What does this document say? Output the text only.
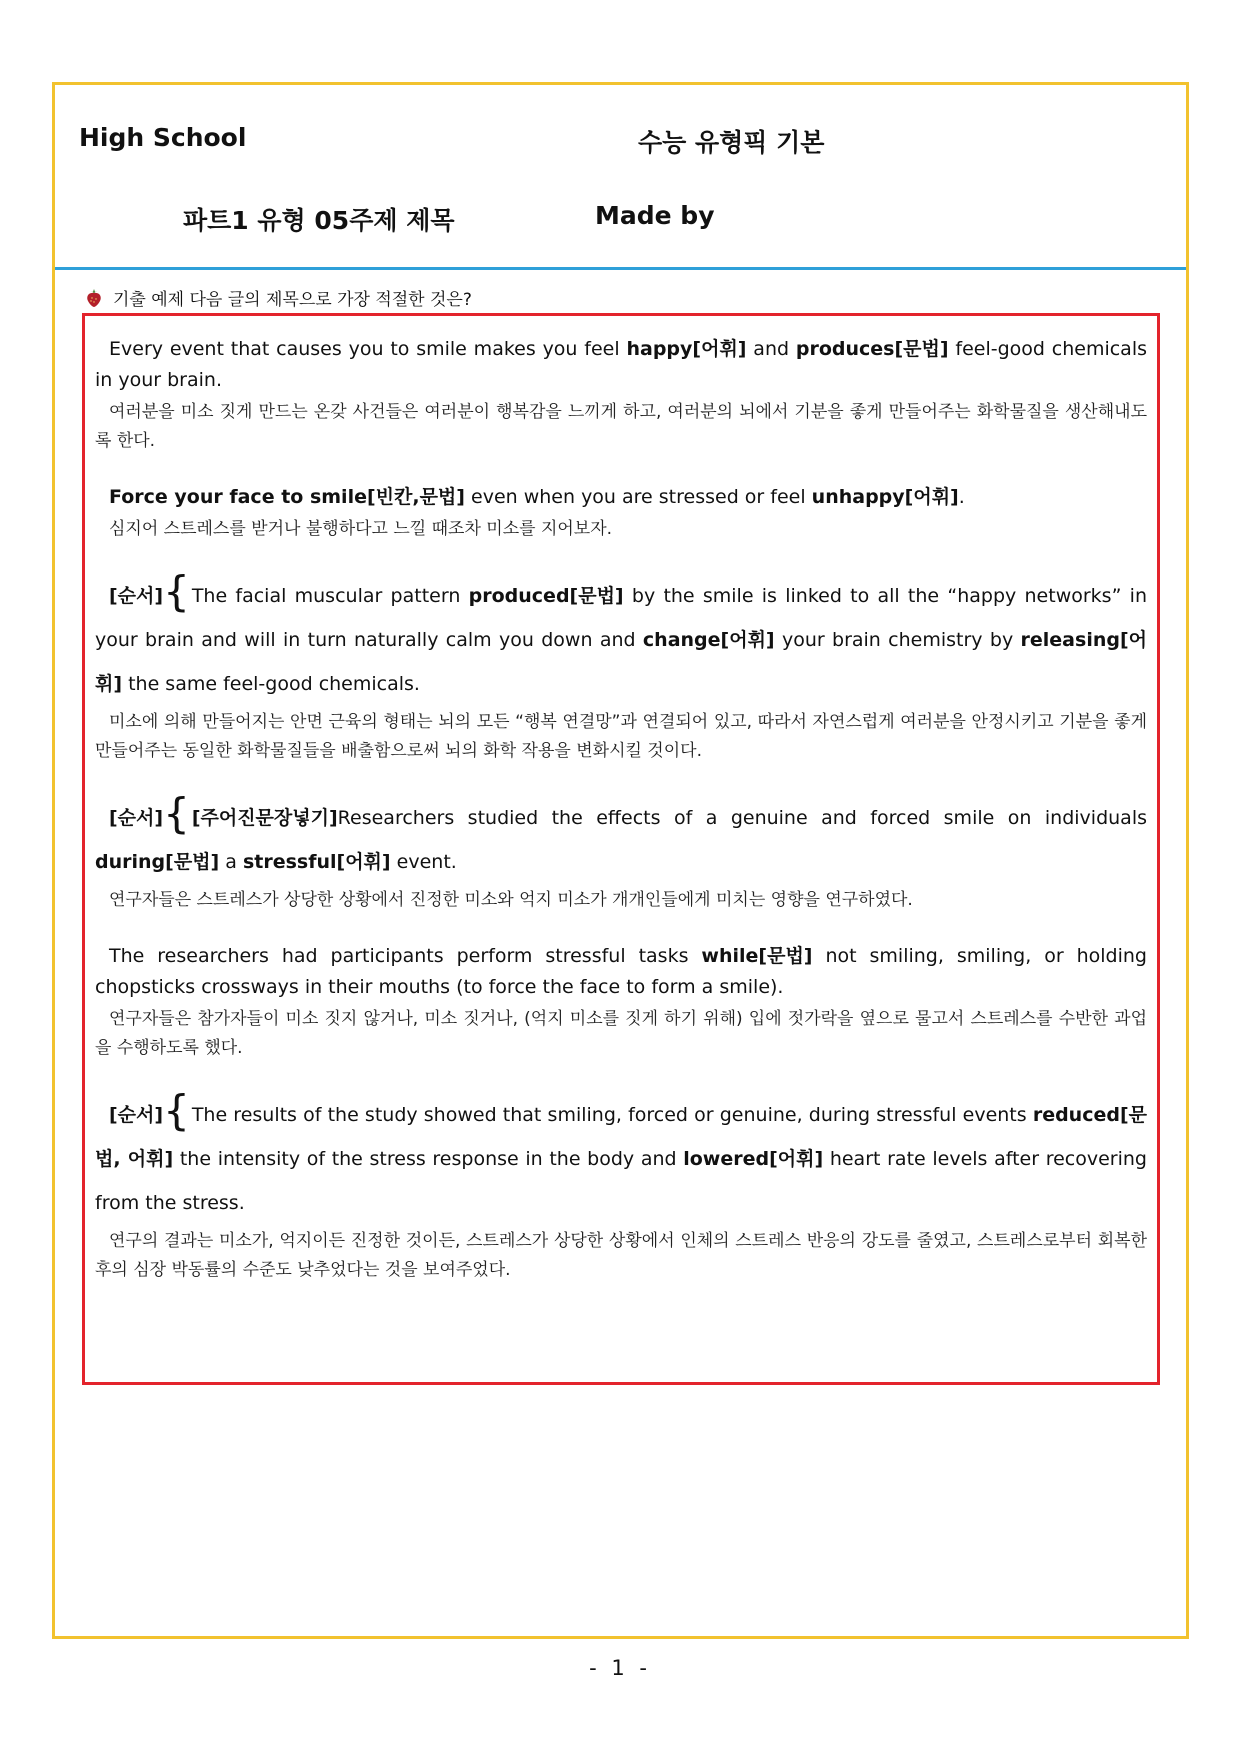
High School	수능 유형픽 기본
파트1 유형 05주제 제목	Made by
기출 예제 다음 글의 제목으로 가장 적절한 것은?

Every event that causes you to smile makes you feel happy[어휘] and produces[문법] feel-good chemicals in your brain.

여러분을 미소 짓게 만드는 온갖 사건들은 여러분이 행복감을 느끼게 하고, 여러분의 뇌에서 기분을 좋게 만들어주는 화학물질을 생산해내도록 한다.

Force your face to smile[빈칸,문법] even when you are stressed or feel unhappy[어휘].

심지어 스트레스를 받거나 불행하다고 느낄 때조차 미소를 지어보자.

[순서]{ The facial muscular pattern produced[문법] by the smile is linked to all the “happy networks” in your brain and will in turn naturally calm you down and change[어휘] your brain chemistry by releasing[어휘] the same feel-good chemicals.

미소에 의해 만들어지는 안면 근육의 형태는 뇌의 모든 “행복 연결망”과 연결되어 있고, 따라서 자연스럽게 여러분을 안정시키고 기분을 좋게 만들어주는 동일한 화학물질들을 배출함으로써 뇌의 화학 작용을 변화시킬 것이다.

[순서]{ [주어진문장넣기]Researchers studied the effects of a genuine and forced smile on individuals during[문법] a stressful[어휘] event.

연구자들은 스트레스가 상당한 상황에서 진정한 미소와 억지 미소가 개개인들에게 미치는 영향을 연구하였다.

The researchers had participants perform stressful tasks while[문법] not smiling, smiling, or holding chopsticks crossways in their mouths (to force the face to form a smile).

연구자들은 참가자들이 미소 짓지 않거나, 미소 짓거나, (억지 미소를 짓게 하기 위해) 입에 젓가락을 옆으로 물고서 스트레스를 수반한 과업을 수행하도록 했다.

[순서]{ The results of the study showed that smiling, forced or genuine, during stressful events reduced[문법, 어휘] the intensity of the stress response in the body and lowered[어휘] heart rate levels after recovering from the stress.

연구의 결과는 미소가, 억지이든 진정한 것이든, 스트레스가 상당한 상황에서 인체의 스트레스 반응의 강도를 줄였고, 스트레스로부터 회복한 후의 심장 박동률의 수준도 낮추었다는 것을 보여주었다.

- 1 -
